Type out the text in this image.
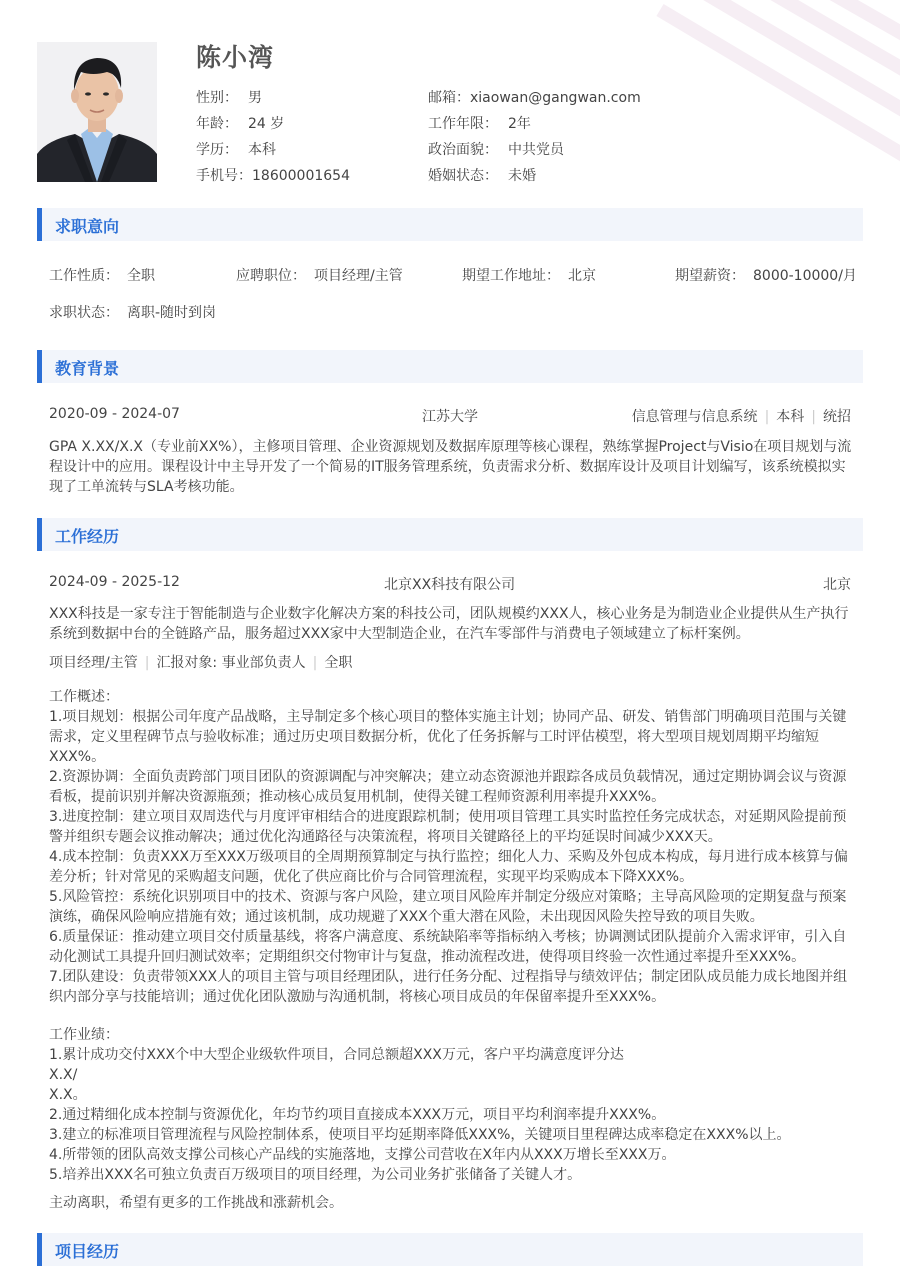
陈小湾
性别： 男
年龄： 24 岁
学历： 本科
手机号：18600001654
邮箱：xiaowan@gangwan.com
工作年限： 2年
政治面貌： 中共党员
婚姻状态： 未婚
求职意向
工作性质： 全职	应聘职位： 项目经理/主管	期望工作地址： 北京	期望薪资： 8000-10000/月
求职状态： 离职-随时到岗
教育背景
2020-09 - 2024-07	江苏大学	信息管理与信息系统 | 本科 | 统招
GPA X.XX/X.X（专业前XX%），主修项目管理、企业资源规划及数据库原理等核心课程，熟练掌握Project与Visio在项目规划与流程设计中的应用。课程设计中主导开发了一个简易的IT服务管理系统，负责需求分析、数据库设计及项目计划编写，该系统模拟实现了工单流转与SLA考核功能。
工作经历
2024-09 - 2025-12	北京XX科技有限公司	北京
XXX科技是一家专注于智能制造与企业数字化解决方案的科技公司，团队规模约XXX人，核心业务是为制造业企业提供从生产执行系统到数据中台的全链路产品，服务超过XXX家中大型制造企业，在汽车零部件与消费电子领域建立了标杆案例。
项目经理/主管 | 汇报对象: 事业部负责人 | 全职
工作概述：
1.项目规划：根据公司年度产品战略，主导制定多个核心项目的整体实施主计划；协同产品、研发、销售部门明确项目范围与关键需求，定义里程碑节点与验收标准；通过历史项目数据分析，优化了任务拆解与工时评估模型，将大型项目规划周期平均缩短XXX%。
2.资源协调：全面负责跨部门项目团队的资源调配与冲突解决；建立动态资源池并跟踪各成员负载情况，通过定期协调会议与资源看板，提前识别并解决资源瓶颈；推动核心成员复用机制，使得关键工程师资源利用率提升XXX%。
3.进度控制：建立项目双周迭代与月度评审相结合的进度跟踪机制；使用项目管理工具实时监控任务完成状态，对延期风险提前预警并组织专题会议推动解决；通过优化沟通路径与决策流程，将项目关键路径上的平均延误时间减少XXX天。
4.成本控制：负责XXX万至XXX万级项目的全周期预算制定与执行监控；细化人力、采购及外包成本构成，每月进行成本核算与偏差分析；针对常见的采购超支问题，优化了供应商比价与合同管理流程，实现平均采购成本下降XXX%。
5.风险管控：系统化识别项目中的技术、资源与客户风险，建立项目风险库并制定分级应对策略；主导高风险项的定期复盘与预案演练，确保风险响应措施有效；通过该机制，成功规避了XXX个重大潜在风险，未出现因风险失控导致的项目失败。
6.质量保证：推动建立项目交付质量基线，将客户满意度、系统缺陷率等指标纳入考核；协调测试团队提前介入需求评审，引入自动化测试工具提升回归测试效率；定期组织交付物审计与复盘，推动流程改进，使得项目终验一次性通过率提升至XXX%。
7.团队建设：负责带领XXX人的项目主管与项目经理团队，进行任务分配、过程指导与绩效评估；制定团队成员能力成长地图并组织内部分享与技能培训；通过优化团队激励与沟通机制，将核心项目成员的年保留率提升至XXX%。
工作业绩：
1.累计成功交付XXX个中大型企业级软件项目，合同总额超XXX万元，客户平均满意度评分达
X.X/
X.X。
2.通过精细化成本控制与资源优化，年均节约项目直接成本XXX万元，项目平均利润率提升XXX%。
3.建立的标准项目管理流程与风险控制体系，使项目平均延期率降低XXX%，关键项目里程碑达成率稳定在XXX%以上。
4.所带领的团队高效支撑公司核心产品线的实施落地，支撑公司营收在X年内从XXX万增长至XXX万。
5.培养出XXX名可独立负责百万级项目的项目经理，为公司业务扩张储备了关键人才。
主动离职，希望有更多的工作挑战和涨薪机会。
项目经历
